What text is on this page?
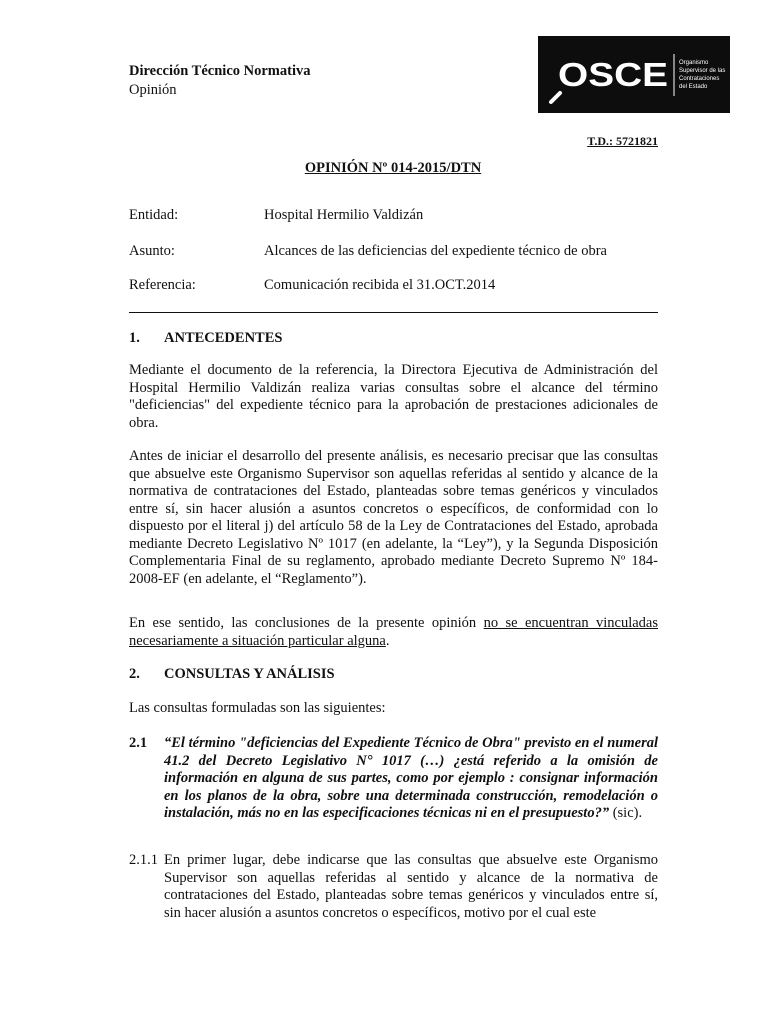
Dirección Técnico Normativa
Opinión	OSCE Organismo
Supervisor de las
Contrataciones
del Estado
T.D.: 5721821
OPINIÓN Nº 014-2015/DTN
Entidad:	Hospital Hermilio Valdizán
Asunto:	Alcances de las deficiencias del expediente técnico de obra
Referencia:	Comunicación recibida el 31.OCT.2014
1. ANTECEDENTES
Mediante el documento de la referencia, la Directora Ejecutiva de Administración del Hospital Hermilio Valdizán realiza varias consultas sobre el alcance del término "deficiencias" del expediente técnico para la aprobación de prestaciones adicionales de obra.
Antes de iniciar el desarrollo del presente análisis, es necesario precisar que las consultas que absuelve este Organismo Supervisor son aquellas referidas al sentido y alcance de la normativa de contrataciones del Estado, planteadas sobre temas genéricos y vinculados entre sí, sin hacer alusión a asuntos concretos o específicos, de conformidad con lo dispuesto por el literal j) del artículo 58 de la Ley de Contrataciones del Estado, aprobada mediante Decreto Legislativo Nº 1017 (en adelante, la “Ley”), y la Segunda Disposición Complementaria Final de su reglamento, aprobado mediante Decreto Supremo Nº 184-2008-EF (en adelante, el “Reglamento”).
En ese sentido, las conclusiones de la presente opinión no se encuentran vinculadas necesariamente a situación particular alguna.
2. CONSULTAS Y ANÁLISIS
Las consultas formuladas son las siguientes:
2.1 “El término "deficiencias del Expediente Técnico de Obra" previsto en el numeral 41.2 del Decreto Legislativo N° 1017 (…) ¿está referido a la omisión de información en alguna de sus partes, como por ejemplo : consignar información en los planos de la obra, sobre una determinada construcción, remodelación o instalación, más no en las especificaciones técnicas ni en el presupuesto?” (sic).
2.1.1 En primer lugar, debe indicarse que las consultas que absuelve este Organismo Supervisor son aquellas referidas al sentido y alcance de la normativa de contrataciones del Estado, planteadas sobre temas genéricos y vinculados entre sí, sin hacer alusión a asuntos concretos o específicos, motivo por el cual este
